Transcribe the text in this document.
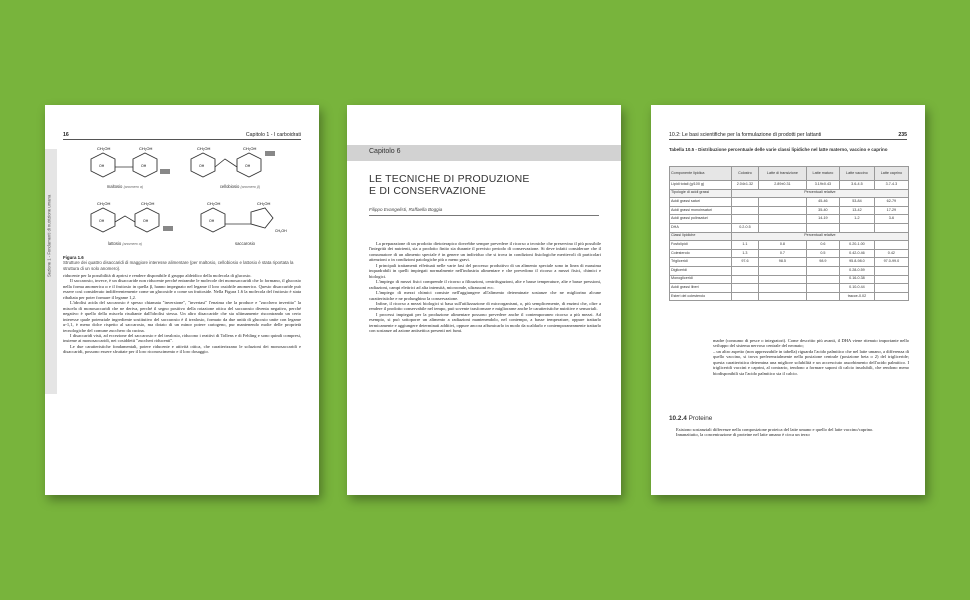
16	Capitolo 1 - I carboidrati
Sezione 1 - Fondamenti di nutrizione umana
CH₂OH	CH₂OH
OH	OH
maltosio (anomero α)
CH₂OH	CH₂OH
OH	OH
cellobiosio (anomero β)
CH₂OH	CH₂OH
OH	OH
lattosio (anomero α)
CH₂OH	CH₂OH
OH
CH₂OH
saccarosio
Figura 1.6
Strutture dei quattro disaccaridi di maggiore interesse alimentare (per maltosio, cellobiosio e lattosio è stata riportata la struttura di un solo anomero).

riducente per la possibilità di aprirsi e rendere disponibile il gruppo aldeidico della molecola di glucosio.

Il saccarosio, invece, è un disaccaride non riducente perché entrambe le molecole dei monosaccaridi che lo formano, il glucosio nella forma anomerica α e il fruttosio in quella β, hanno impegnato nel legame il loro ossidrile anomerico. Questo disaccaride può essere così considerato indifferentemente come un glucoside o come un fruttoside. Nella Figura 1.6 la molecola del fruttosio è stata ribaltata per poter formare il legame 1,2.

L'idrolisi acida del saccarosio è spesso chiamata "inversione", "invertasi" l'enzima che la produce e "zucchero invertito" la miscela di monosaccaridi che ne deriva, perché il segno positivo della rotazione ottica del saccarosio diventa negativo, perché negativo è quello della miscela risultante dall'idrolisi stessa. Un altro disaccaride che sta ultimamente riscontrando un certo interesse quale potenziale ingrediente sostitutivo del saccarosio è il trealosio, formato da due unità di glucosio unite con legame α-1,1, è meno dolce rispetto al saccarosio, ma dotato di un minor potere cariogeno, pur mantenendo molte delle proprietà tecnologiche del comune zucchero da cucina.

I disaccaridi visti, ad eccezione del saccarosio e del trealosio, riducono i reattivi di Tollens e di Fehling e sono quindi compresi, insieme ai monosaccaridi, nei cosiddetti "zuccheri riducenti".

Le due caratteristiche fondamentali, potere riducente e attività ottica, che caratterizzano le soluzioni dei monosaccaridi e disaccaridi, possono essere sfruttate per il loro riconoscimento e il loro dosaggio.

Capitolo 6
LE TECNICHE DI PRODUZIONE
E DI CONSERVAZIONE
Filippo Evangelisti, Raffaella Boggia

La preparazione di un prodotto dietoterapico dovrebbe sempre prevedere il ricorso a tecniche che preservino il più possibile l'integrità dei nutrienti, sia a prodotto finito sia durante il previsto periodo di conservazione. Si deve infatti considerare che il consumatore di un alimento speciale è in genere un individuo che si trova in condizioni fisiologiche meritevoli di particolari attenzioni o in condizioni patologiche più o meno gravi.

I principali trattamenti effettuati nelle varie fasi del processo produttivo di un alimento speciale sono in linea di massima inquadrabili in quelli impiegati normalmente nell'industria alimentare e che prevedono il ricorso a mezzi fisici, chimici e biologici.

L'impiego di mezzi fisici comprende il ricorso a filtrazioni, centrifugazioni, alte e basse temperature, alte e basse pressioni, radiazioni, campi elettrici ad alta intensità, microonde, ultrasuoni ecc.

L'impiego di mezzi chimici consiste nell'aggiungere all'alimento determinate sostanze che ne migliorino alcune caratteristiche e ne prolunghino la conservazione.

Infine, il ricorso a mezzi biologici si basa sull'utilizzazione di microrganismi, o, più semplicemente, di enzimi che, oltre a rendere il prodotto conservabile nel tempo, può sovente trasformare e migliorarne anche le caratteristiche nutritive e sensoriali.

I processi impiegati per la produzione alimentare possono prevedere anche il contemporaneo ricorso a più mezzi. Ad esempio, si può sottoporre un alimento a radiazioni mantenendolo, nel contempo, a basse temperature, oppure trattarlo termicamente e aggiungere determinati additivi, oppure ancora affumicarlo in modo da scaldarlo e contemporaneamente trattarlo con sostanze ad azione antisettica presenti nei fumi.

10.2: Le basi scientifiche per la formulazione di prodotti per lattanti	235
Tabella 10.5 - Distribuzione percentuale delle varie classi lipidiche nel latte materno, vaccino e caprino
Componente lipidica	Colostro	Latte di transizione	Latte maturo	Latte vaccino	Latte caprino
Lipidi totali (g/100 g)	2.04±1.32	2.89±0.31	3.19±0.43	3.6-4.5	3.7-4.3
Tipologie di acidi grassi	Percentuali relative				
Acidi grassi saturi			45-46	53-84	62-79
Acidi grassi monoinsaturi			35-40	13-42	17-29
Acidi grassi polinsaturi			14-19	1-2	3-6
DHA	0.2-0.5				
Classi lipidiche	Percentuali relative				
Fosfolipidi	1.1	0.8	0.6	0.20-1.00	
Colesterolo	1.3	0.7	0.5	0.42-0.46	0.42
Trigliceridi	97.6	98.5	98.9	95.8-98.0	97.0-99.0
Digliceridi				0.28-0.59	
Monogliceridi				0.16-0.38	
Acidi grassi liberi				0.10-0.44	
Esteri del colesterolo				tracce-0.02	

madre (consumo di pesce o integratori). Come descritto più avanti, il DHA viene ritenuto importante nello sviluppo del sistema nervoso centrale del neonato;

– un altro aspetto (non apprezzabile in tabella) riguarda l'acido palmitico che nel latte umano, a differenza di quello vaccino, si trova preferenzialmente nella posizione centrale (posizione beta o 2) del trigliceride; questa caratteristica determina una migliore solubilità e un accresciuto assorbimento dell'acido palmitico. I trigliceridi vaccini e caprini, al contrario, tendono a formare saponi di calcio insolubili, che rendono meno biodisponibili sia l'acido palmitico sia il calcio.

10.2.4 Proteine

Esistono sostanziali differenze nella composizione proteica del latte umano e quello del latte vaccino/caprino.

Innanzitutto, la concentrazione di proteine nel latte umano è circa un terzo
